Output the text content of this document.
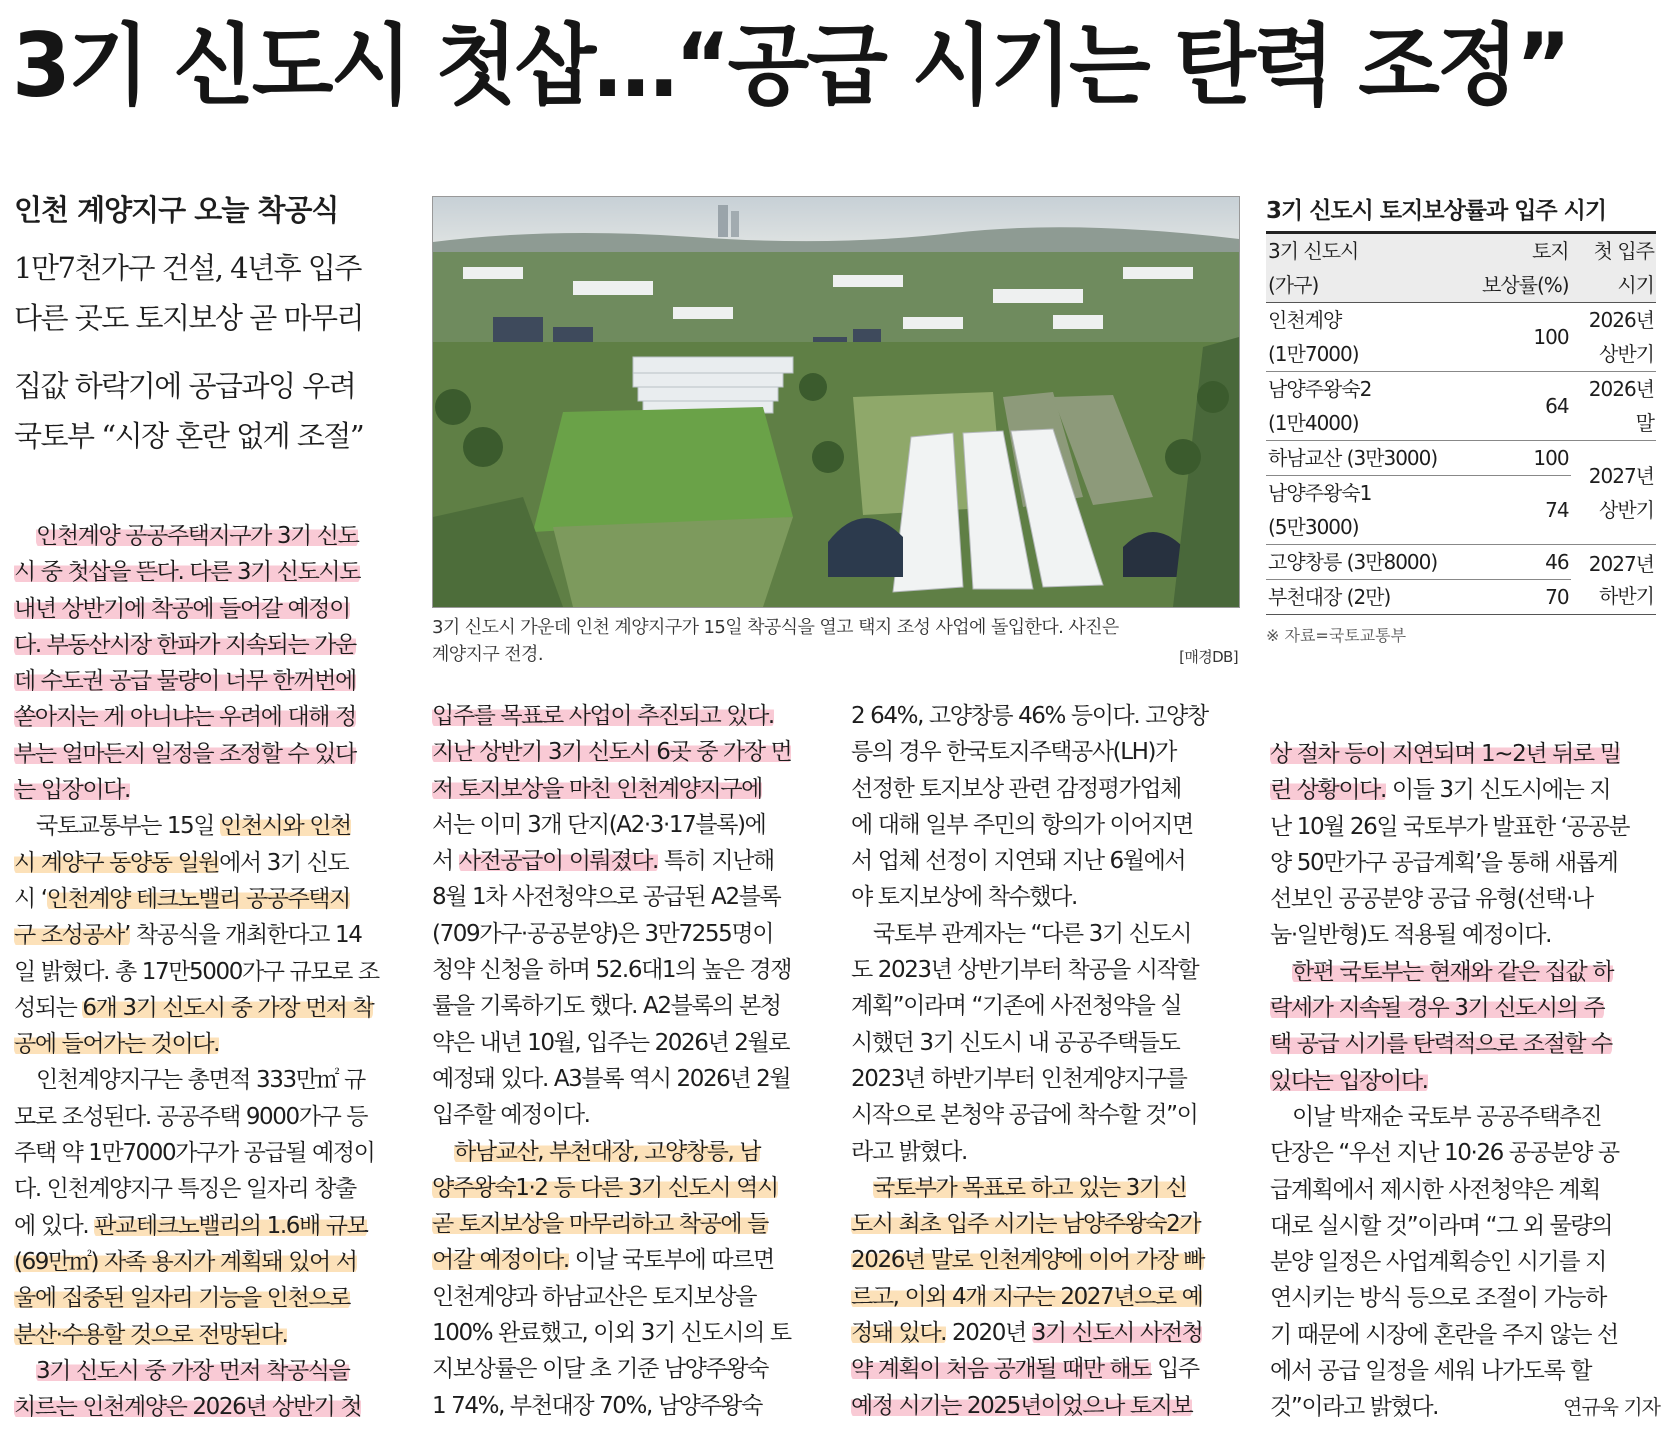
3기 신도시 첫삽…“공급 시기는 탄력 조정”
인천 계양지구 오늘 착공식
1만7천가구 건설, 4년후 입주
다른 곳도 토지보상 곧 마무리
집값 하락기에 공급과잉 우려
국토부 “시장 혼란 없게 조절”
3기 신도시 가운데 인천 계양지구가 15일 착공식을 열고 택지 조성 사업에 돌입한다. 사진은
계양지구 전경.	[매경DB]
3기 신도시 토지보상률과 입주 시기
3기 신도시	토지	첫 입주
(가구)	보상률(%)	시기
인천계양	100	2026년
(1만7000)		상반기
남양주왕숙2	64	2026년
(1만4000)		말
하남교산 (3만3000)	100	2027년
상반기

남양주왕숙1	74	
(5만3000)		
고양창릉 (3만8000)	46	2027년
하반기

부천대장 (2만)	70	
※ 자료=국토교통부

인천계양 공공주택지구가 3기 신도

시 중 첫삽을 뜬다. 다른 3기 신도시도

내년 상반기에 착공에 들어갈 예정이

다. 부동산시장 한파가 지속되는 가운

데 수도권 공급 물량이 너무 한꺼번에

쏟아지는 게 아니냐는 우려에 대해 정

부는 얼마든지 일정을 조정할 수 있다

는 입장이다.

국토교통부는 15일 인천시와 인천

시 계양구 동양동 일원에서 3기 신도

시 ‘인천계양 테크노밸리 공공주택지

구 조성공사’ 착공식을 개최한다고 14

일 밝혔다. 총 17만5000가구 규모로 조

성되는 6개 3기 신도시 중 가장 먼저 착

공에 들어가는 것이다.

인천계양지구는 총면적 333만㎡ 규

모로 조성된다. 공공주택 9000가구 등

주택 약 1만7000가구가 공급될 예정이

다. 인천계양지구 특징은 일자리 창출

에 있다. 판교테크노밸리의 1.6배 규모

(69만㎡) 자족 용지가 계획돼 있어 서

울에 집중된 일자리 기능을 인천으로

분산·수용할 것으로 전망된다.

3기 신도시 중 가장 먼저 착공식을

치르는 인천계양은 2026년 상반기 첫

입주를 목표로 사업이 추진되고 있다.

지난 상반기 3기 신도시 6곳 중 가장 먼

저 토지보상을 마친 인천계양지구에

서는 이미 3개 단지(A2·3·17블록)에

서 사전공급이 이뤄졌다. 특히 지난해

8월 1차 사전청약으로 공급된 A2블록

(709가구·공공분양)은 3만7255명이

청약 신청을 하며 52.6대1의 높은 경쟁

률을 기록하기도 했다. A2블록의 본청

약은 내년 10월, 입주는 2026년 2월로

예정돼 있다. A3블록 역시 2026년 2월

입주할 예정이다.

하남교산, 부천대장, 고양창릉, 남

양주왕숙1·2 등 다른 3기 신도시 역시

곧 토지보상을 마무리하고 착공에 들

어갈 예정이다. 이날 국토부에 따르면

인천계양과 하남교산은 토지보상을

100% 완료했고, 이외 3기 신도시의 토

지보상률은 이달 초 기준 남양주왕숙

1 74%, 부천대장 70%, 남양주왕숙

2 64%, 고양창릉 46% 등이다. 고양창

릉의 경우 한국토지주택공사(LH)가

선정한 토지보상 관련 감정평가업체

에 대해 일부 주민의 항의가 이어지면

서 업체 선정이 지연돼 지난 6월에서

야 토지보상에 착수했다.

국토부 관계자는 “다른 3기 신도시

도 2023년 상반기부터 착공을 시작할

계획”이라며 “기존에 사전청약을 실

시했던 3기 신도시 내 공공주택들도

2023년 하반기부터 인천계양지구를

시작으로 본청약 공급에 착수할 것”이

라고 밝혔다.

국토부가 목표로 하고 있는 3기 신

도시 최초 입주 시기는 남양주왕숙2가

2026년 말로 인천계양에 이어 가장 빠

르고, 이외 4개 지구는 2027년으로 예

정돼 있다. 2020년 3기 신도시 사전청

약 계획이 처음 공개될 때만 해도 입주

예정 시기는 2025년이었으나 토지보

상 절차 등이 지연되며 1~2년 뒤로 밀

린 상황이다. 이들 3기 신도시에는 지

난 10월 26일 국토부가 발표한 ‘공공분

양 50만가구 공급계획’을 통해 새롭게

선보인 공공분양 공급 유형(선택·나

눔·일반형)도 적용될 예정이다.

한편 국토부는 현재와 같은 집값 하

락세가 지속될 경우 3기 신도시의 주

택 공급 시기를 탄력적으로 조절할 수

있다는 입장이다.

이날 박재순 국토부 공공주택추진

단장은 “우선 지난 10·26 공공분양 공

급계획에서 제시한 사전청약은 계획

대로 실시할 것”이라며 “그 외 물량의

분양 일정은 사업계획승인 시기를 지

연시키는 방식 등으로 조절이 가능하

기 때문에 시장에 혼란을 주지 않는 선

에서 공급 일정을 세워 나가도록 할

것”이라고 밝혔다.	연규욱 기자
